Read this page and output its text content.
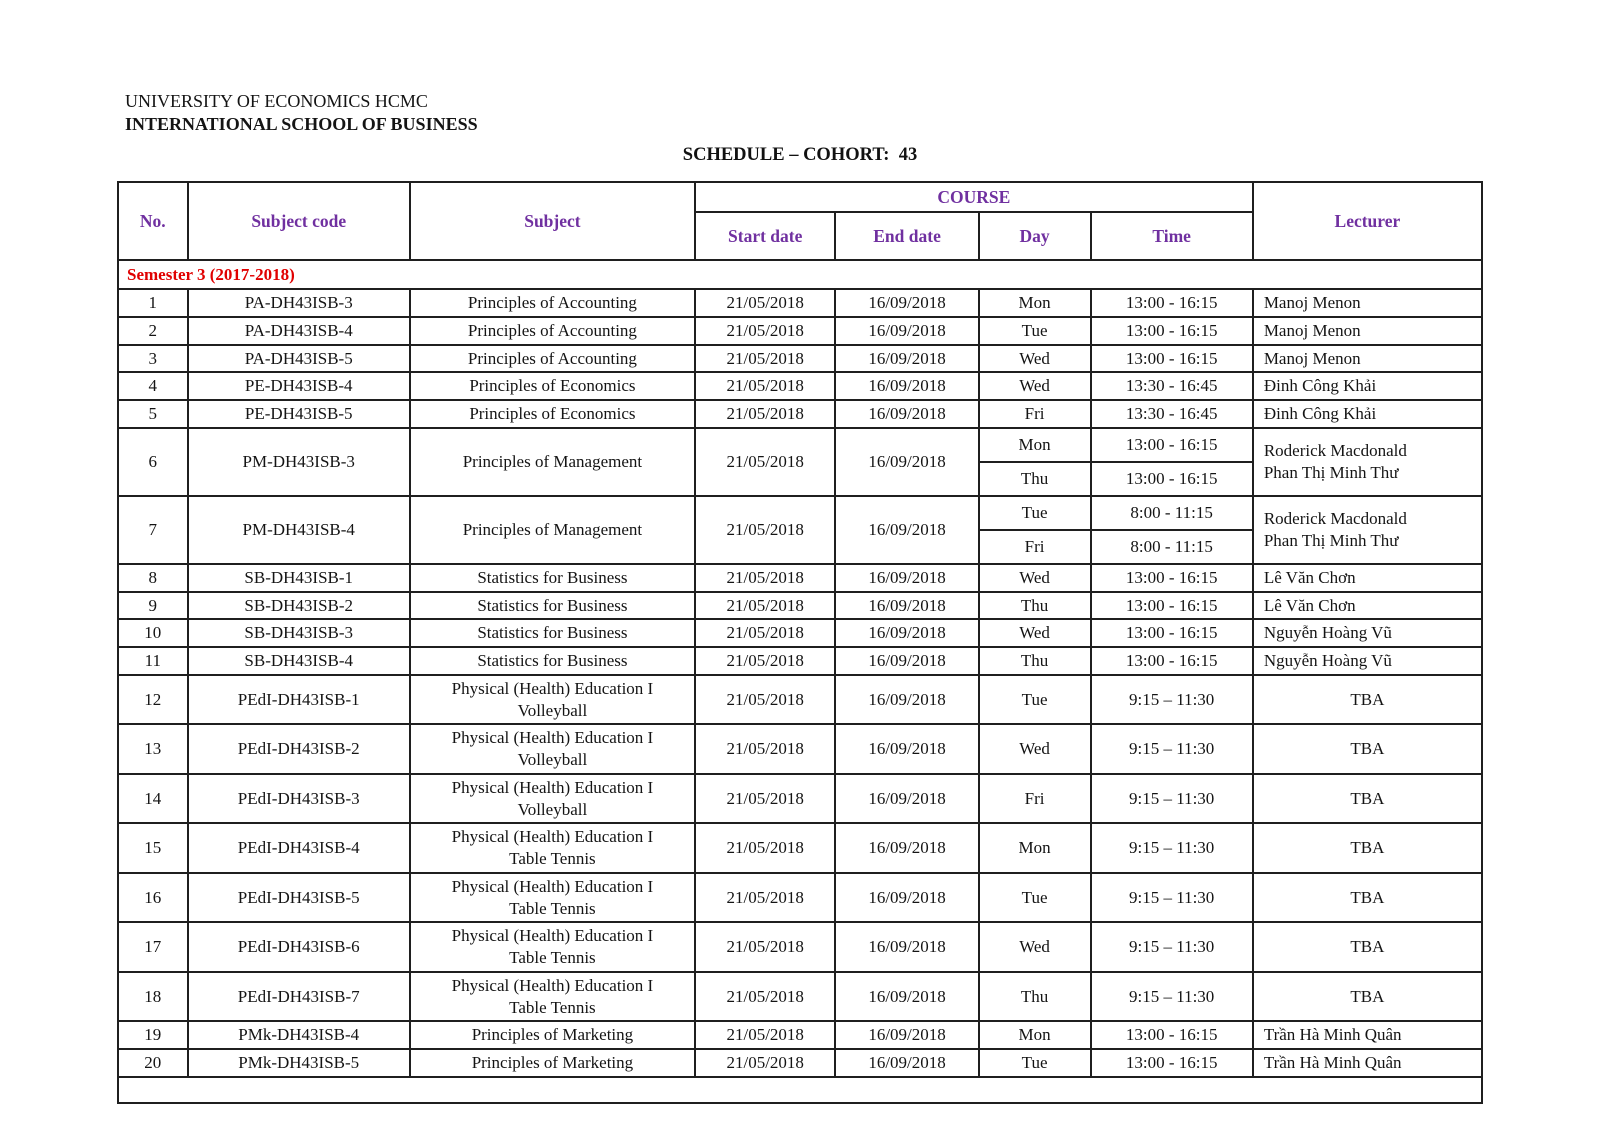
UNIVERSITY OF ECONOMICS HCMC
INTERNATIONAL SCHOOL OF BUSINESS
SCHEDULE – COHORT:  43
No.	Subject code	Subject	COURSE				Lecturer
			Start date	End date	Day	Time	
Semester 3 (2017-2018)							

1	PA-DH43ISB-3	Principles of Accounting	21/05/2018	16/09/2018	Mon	13:00 - 16:15	Manoj Menon

2	PA-DH43ISB-4	Principles of Accounting	21/05/2018	16/09/2018	Tue	13:00 - 16:15	Manoj Menon

3	PA-DH43ISB-5	Principles of Accounting	21/05/2018	16/09/2018	Wed	13:00 - 16:15	Manoj Menon

4	PE-DH43ISB-4	Principles of Economics	21/05/2018	16/09/2018	Wed	13:30 - 16:45	Đinh Công Khải

5	PE-DH43ISB-5	Principles of Economics	21/05/2018	16/09/2018	Fri	13:30 - 16:45	Đinh Công Khải

6	PM-DH43ISB-3	Principles of Management	21/05/2018	16/09/2018	Mon	13:00 - 16:15	Roderick Macdonald
Phan Thị Minh Thư

					Thu	13:00 - 16:15	

7	PM-DH43ISB-4	Principles of Management	21/05/2018	16/09/2018	Tue	8:00 - 11:15	Roderick Macdonald
Phan Thị Minh Thư

					Fri	8:00 - 11:15	

8	SB-DH43ISB-1	Statistics for Business	21/05/2018	16/09/2018	Wed	13:00 - 16:15	Lê Văn Chơn

9	SB-DH43ISB-2	Statistics for Business	21/05/2018	16/09/2018	Thu	13:00 - 16:15	Lê Văn Chơn

10	SB-DH43ISB-3	Statistics for Business	21/05/2018	16/09/2018	Wed	13:00 - 16:15	Nguyễn Hoàng Vũ

11	SB-DH43ISB-4	Statistics for Business	21/05/2018	16/09/2018	Thu	13:00 - 16:15	Nguyễn Hoàng Vũ

12	PEdI-DH43ISB-1	Physical (Health) Education I
Volleyball	21/05/2018	16/09/2018	Tue	9:15 – 11:30	TBA

13	PEdI-DH43ISB-2	Physical (Health) Education I
Volleyball	21/05/2018	16/09/2018	Wed	9:15 – 11:30	TBA

14	PEdI-DH43ISB-3	Physical (Health) Education I
Volleyball	21/05/2018	16/09/2018	Fri	9:15 – 11:30	TBA

15	PEdI-DH43ISB-4	Physical (Health) Education I
Table Tennis	21/05/2018	16/09/2018	Mon	9:15 – 11:30	TBA

16	PEdI-DH43ISB-5	Physical (Health) Education I
Table Tennis	21/05/2018	16/09/2018	Tue	9:15 – 11:30	TBA

17	PEdI-DH43ISB-6	Physical (Health) Education I
Table Tennis	21/05/2018	16/09/2018	Wed	9:15 – 11:30	TBA

18	PEdI-DH43ISB-7	Physical (Health) Education I
Table Tennis	21/05/2018	16/09/2018	Thu	9:15 – 11:30	TBA

19	PMk-DH43ISB-4	Principles of Marketing	21/05/2018	16/09/2018	Mon	13:00 - 16:15	Trần Hà Minh Quân

20	PMk-DH43ISB-5	Principles of Marketing	21/05/2018	16/09/2018	Tue	13:00 - 16:15	Trần Hà Minh Quân
